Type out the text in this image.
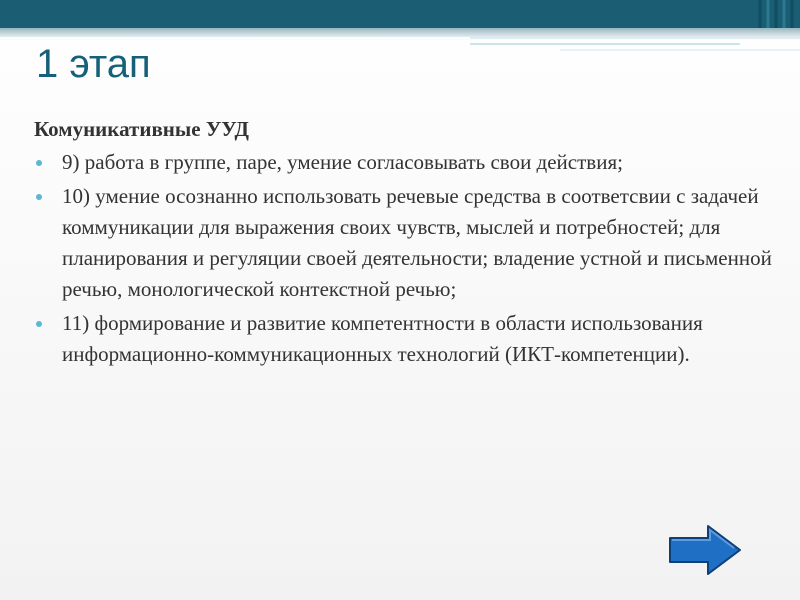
1 этап
Комуникативные УУД
9) работа в группе, паре, умение согласовывать свои действия;
10) умение осознанно использовать речевые средства в соответсвии с задачей коммуникации для выражения своих чувств, мыслей и потребностей; для планирования и регуляции своей деятельности; владение устной и письменной речью, монологической контекстной речью;
11) формирование и развитие компетентности в области использования информационно-коммуникационных технологий (ИКТ-компетенции).
